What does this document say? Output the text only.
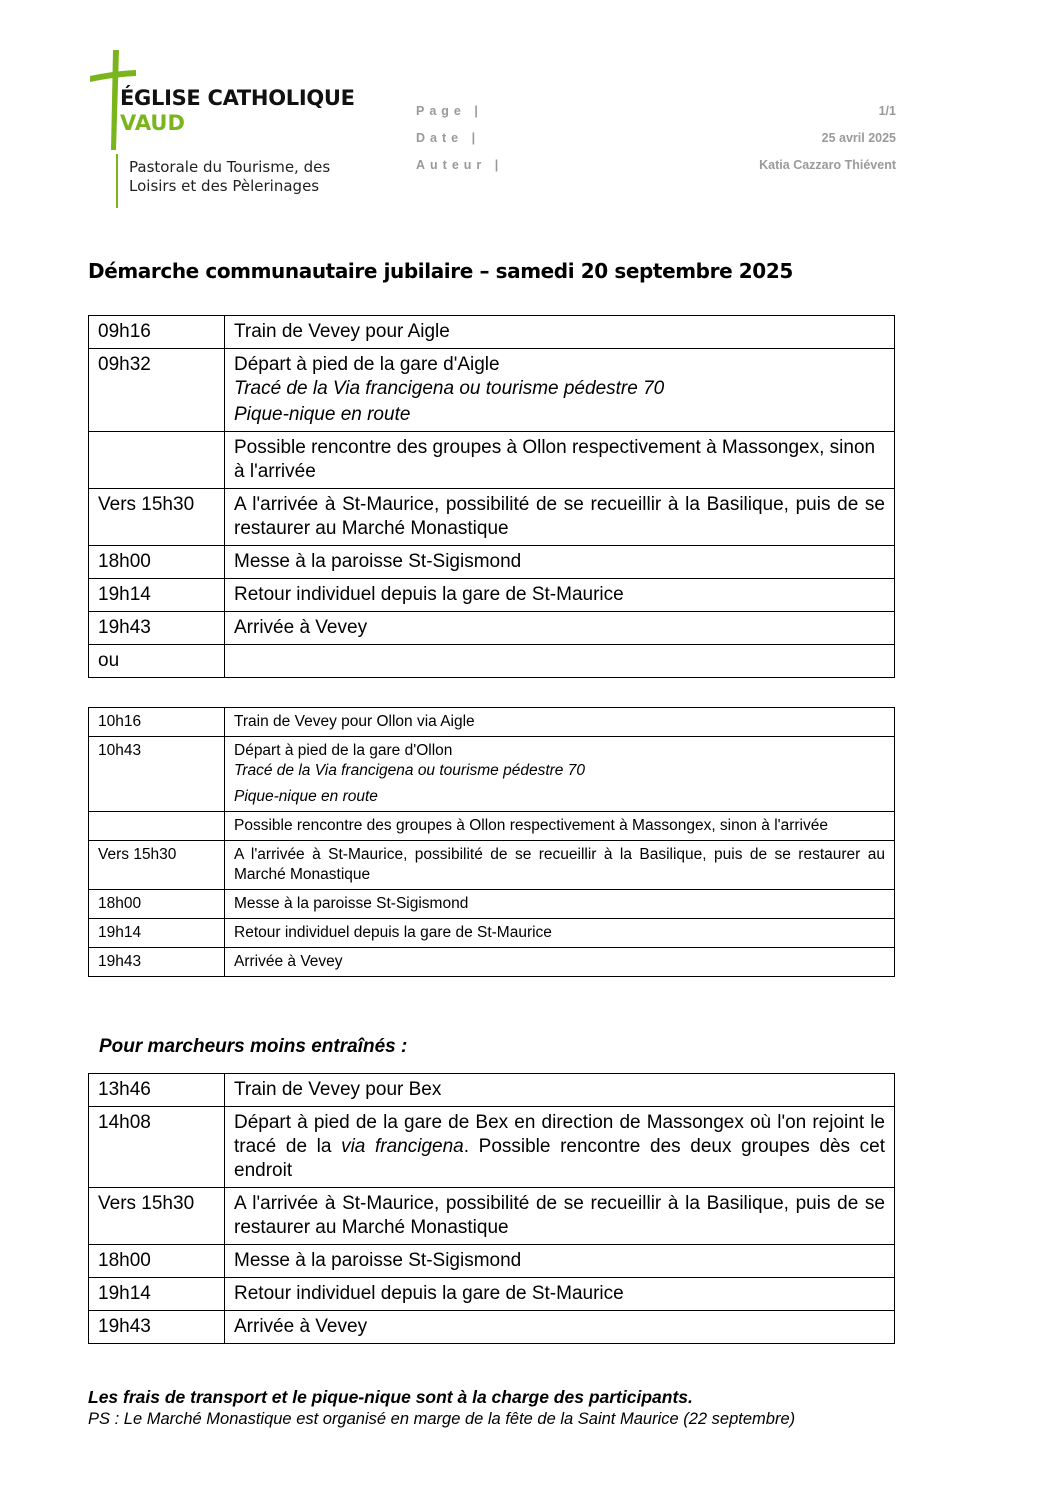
ÉGLISE CATHOLIQUE
VAUD
Pastorale du Tourisme, des
Loisirs et des Pèlerinages
Page |	1/1
Date |	25 avril 2025
Auteur |	Katia Cazzaro Thiévent
Démarche communautaire jubilaire – samedi 20 septembre 2025
09h16	Train de Vevey pour Aigle
09h32	Départ à pied de la gare d'Aigle
Tracé de la Via francigena ou tourisme pédestre 70
Pique-nique en route

	Possible rencontre des groupes à Ollon respectivement à Massongex, sinon à l'arrivée
Vers 15h30	A l'arrivée à St-Maurice, possibilité de se recueillir à la Basilique, puis de se restaurer au Marché Monastique
18h00	Messe à la paroisse St-Sigismond
19h14	Retour individuel depuis la gare de St-Maurice
19h43	Arrivée à Vevey
ou	
10h16	Train de Vevey pour Ollon via Aigle
10h43	Départ à pied de la gare d'Ollon
Tracé de la Via francigena ou tourisme pédestre 70
Pique-nique en route

	Possible rencontre des groupes à Ollon respectivement à Massongex, sinon à l'arrivée
Vers 15h30	A l'arrivée à St-Maurice, possibilité de se recueillir à la Basilique, puis de se restaurer au Marché Monastique
18h00	Messe à la paroisse St-Sigismond
19h14	Retour individuel depuis la gare de St-Maurice
19h43	Arrivée à Vevey
Pour marcheurs moins entraînés :
13h46	Train de Vevey pour Bex
14h08	Départ à pied de la gare de Bex en direction de Massongex où l'on rejoint le tracé de la via francigena. Possible rencontre des deux groupes dès cet endroit
Vers 15h30	A l'arrivée à St-Maurice, possibilité de se recueillir à la Basilique, puis de se restaurer au Marché Monastique
18h00	Messe à la paroisse St-Sigismond
19h14	Retour individuel depuis la gare de St-Maurice
19h43	Arrivée à Vevey
Les frais de transport et le pique-nique sont à la charge des participants.
PS : Le Marché Monastique est organisé en marge de la fête de la Saint Maurice (22 septembre)
